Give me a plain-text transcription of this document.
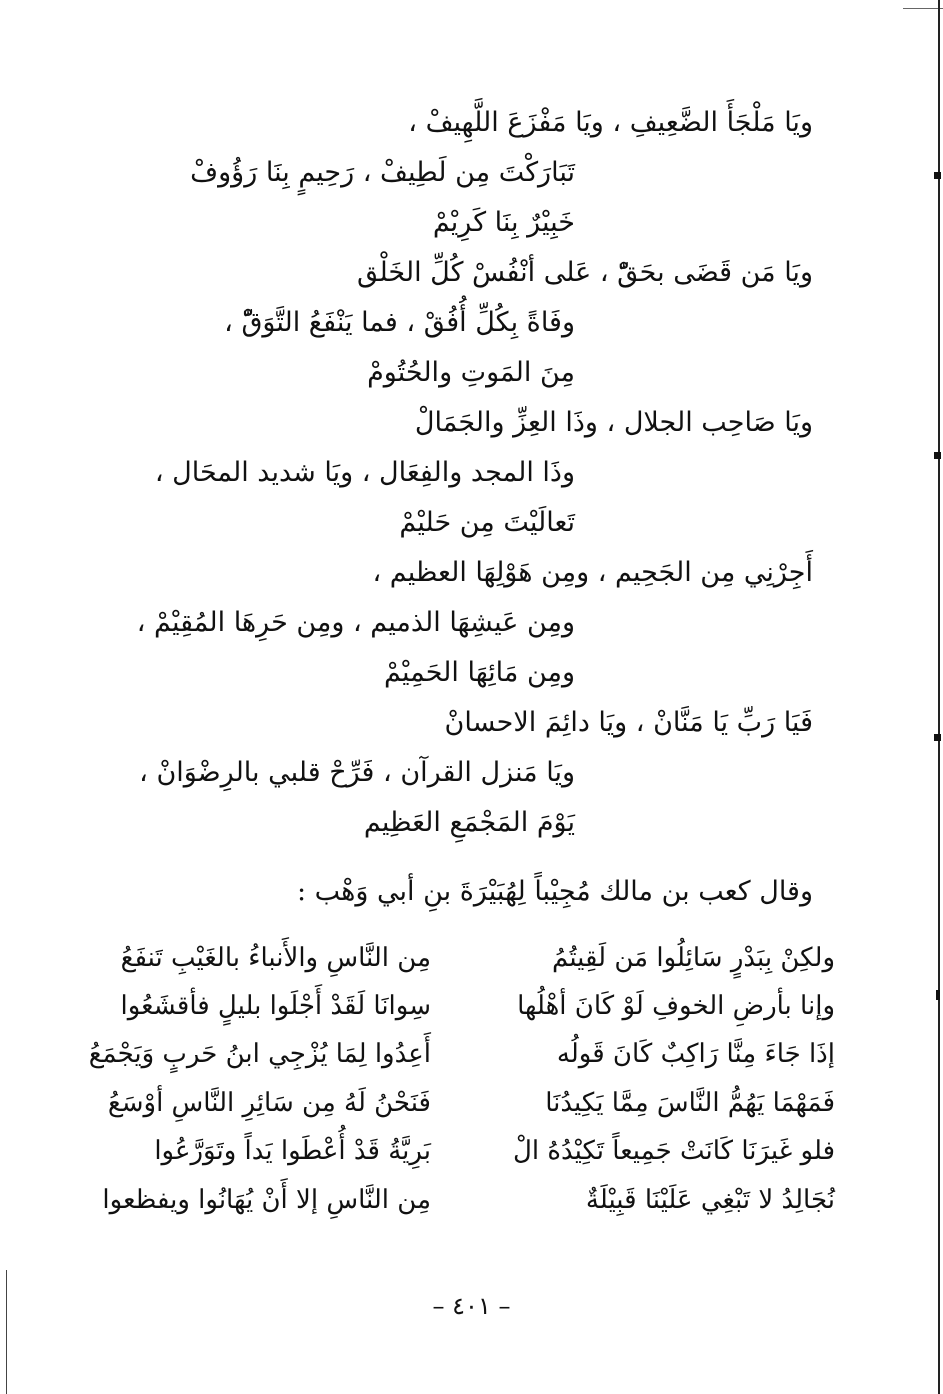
ويَا مَلْجَأَ الضَّعِيفِ ، ويَا مَفْزَعَ اللَّهِيفْ ،
تَبَارَكْتَ مِن لَطِيفْ ، رَحِيمٍ بِنَا رَؤُوفْ
خَبِيْرٌ بِنَا كَرِيْمْ
ويَا مَن قَضَى بحَقّْ ، عَلى أنْفُسْ كُلِّ الخَلْق
وفَاةً بِكُلِّ أُفُقْ ، فما يَنْفَعُ التَّوَقّْ ،
مِنَ المَوتِ والحُتُومْ
ويَا صَاحِب الجلال ، وذَا العِزِّ والجَمَالْ
وذَا المجد والفِعَال ، ويَا شديد المحَال ،
تَعالَيْتَ مِن حَليْمْ
أَجِرْنِي مِن الجَحِيم ، ومِن هَوْلِهَا العظيم ،
ومِن عَيشِهَا الذميم ، ومِن حَرِهَا المُقِيْمْ ،
ومِن مَائِهَا الحَمِيْمْ
فَيَا رَبِّ يَا مَنَّانْ ، ويَا دائِمَ الاحسانْ
ويَا مَنزل القرآن ، فَرِّحْ قلبي بالرِضْوَانْ ،
يَوْمَ المَجْمَعِ العَظِيم
وقال كعب بن مالك مُجِيْباً لِهُبَيْرَةَ بنِ أبي وَهْب :
ولكِنْ بِبَدْرٍ سَائِلُوا مَن لَقِيتُمُ
مِن النَّاسِ والأَنباءُ بالغَيْبِ تَنفَعُ
وإنا بأرضِ الخوفِ لَوْ كَانَ أهْلُها
سِوانَا لَقَدْ أَجْلَوا بليلٍ فأقشَعُوا
إذَا جَاءَ مِنَّا رَاكِبٌ كَانَ قَولُه
أَعِدُوا لِمَا يُزْجِي ابنُ حَربٍ وَيَجْمَعُ
فَمَهْمَا يَهُمُّ النَّاسَ مِمَّا يَكِيدُنَا
فَنَحْنُ لَهُ مِن سَائِرِ النَّاسِ أوْسَعُ
فلو غَيرَنَا كَانَتْ جَمِيعاً تَكِيْدُهُ الْ
بَرِيَّةُ قَدْ أُعْطَوا يَداً وتَوَرَّعُوا
نُجَالِدُ لا تَبْغِي عَلَيْنَا قَبِيْلَةٌ
مِن النَّاسِ إلا أَنْ يُهَانُوا ويفظعوا
– ٤٠١ –
